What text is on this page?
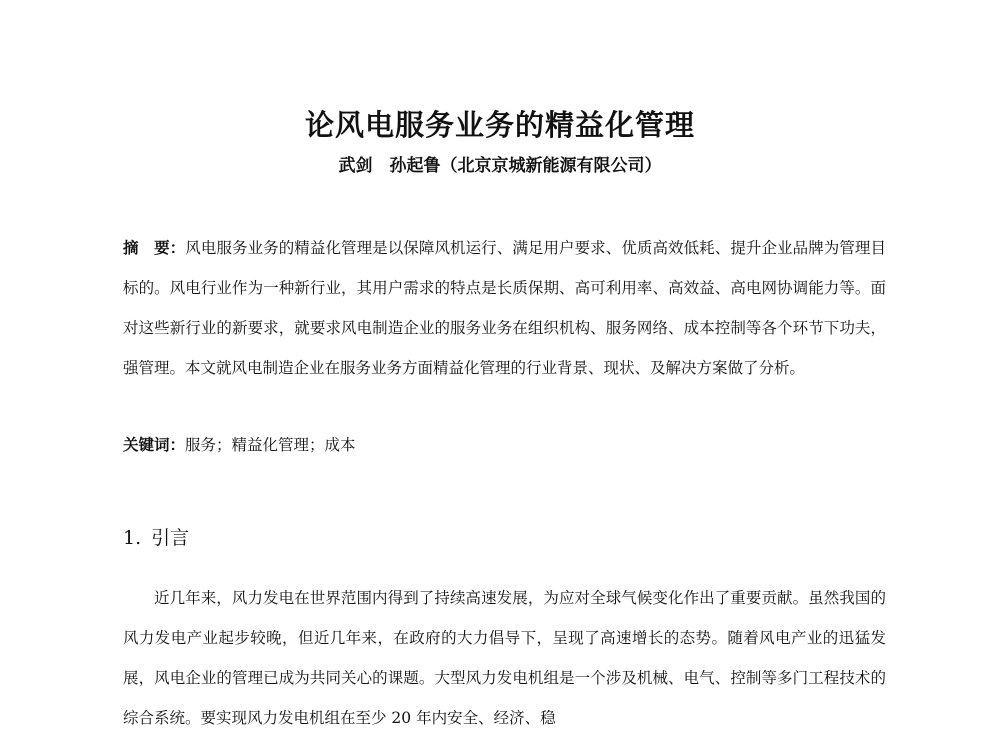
论风电服务业务的精益化管理
武剑　孙起鲁（北京京城新能源有限公司）
摘　要：风电服务业务的精益化管理是以保障风机运行、满足用户要求、优质高效低耗、提升企业品牌为管理目标的。风电行业作为一种新行业，其用户需求的特点是长质保期、高可利用率、高效益、高电网协调能力等。面对这些新行业的新要求，就要求风电制造企业的服务业务在组织机构、服务网络、成本控制等各个环节下功夫，强管理。本文就风电制造企业在服务业务方面精益化管理的行业背景、现状、及解决方案做了分析。
关键词：服务；精益化管理；成本
1. 引言
近几年来，风力发电在世界范围内得到了持续高速发展，为应对全球气候变化作出了重要贡献。虽然我国的风力发电产业起步较晚，但近几年来，在政府的大力倡导下，呈现了高速增长的态势。随着风电产业的迅猛发展，风电企业的管理已成为共同关心的课题。大型风力发电机组是一个涉及机械、电气、控制等多门工程技术的综合系统。要实现风力发电机组在至少 20 年内安全、经济、稳
